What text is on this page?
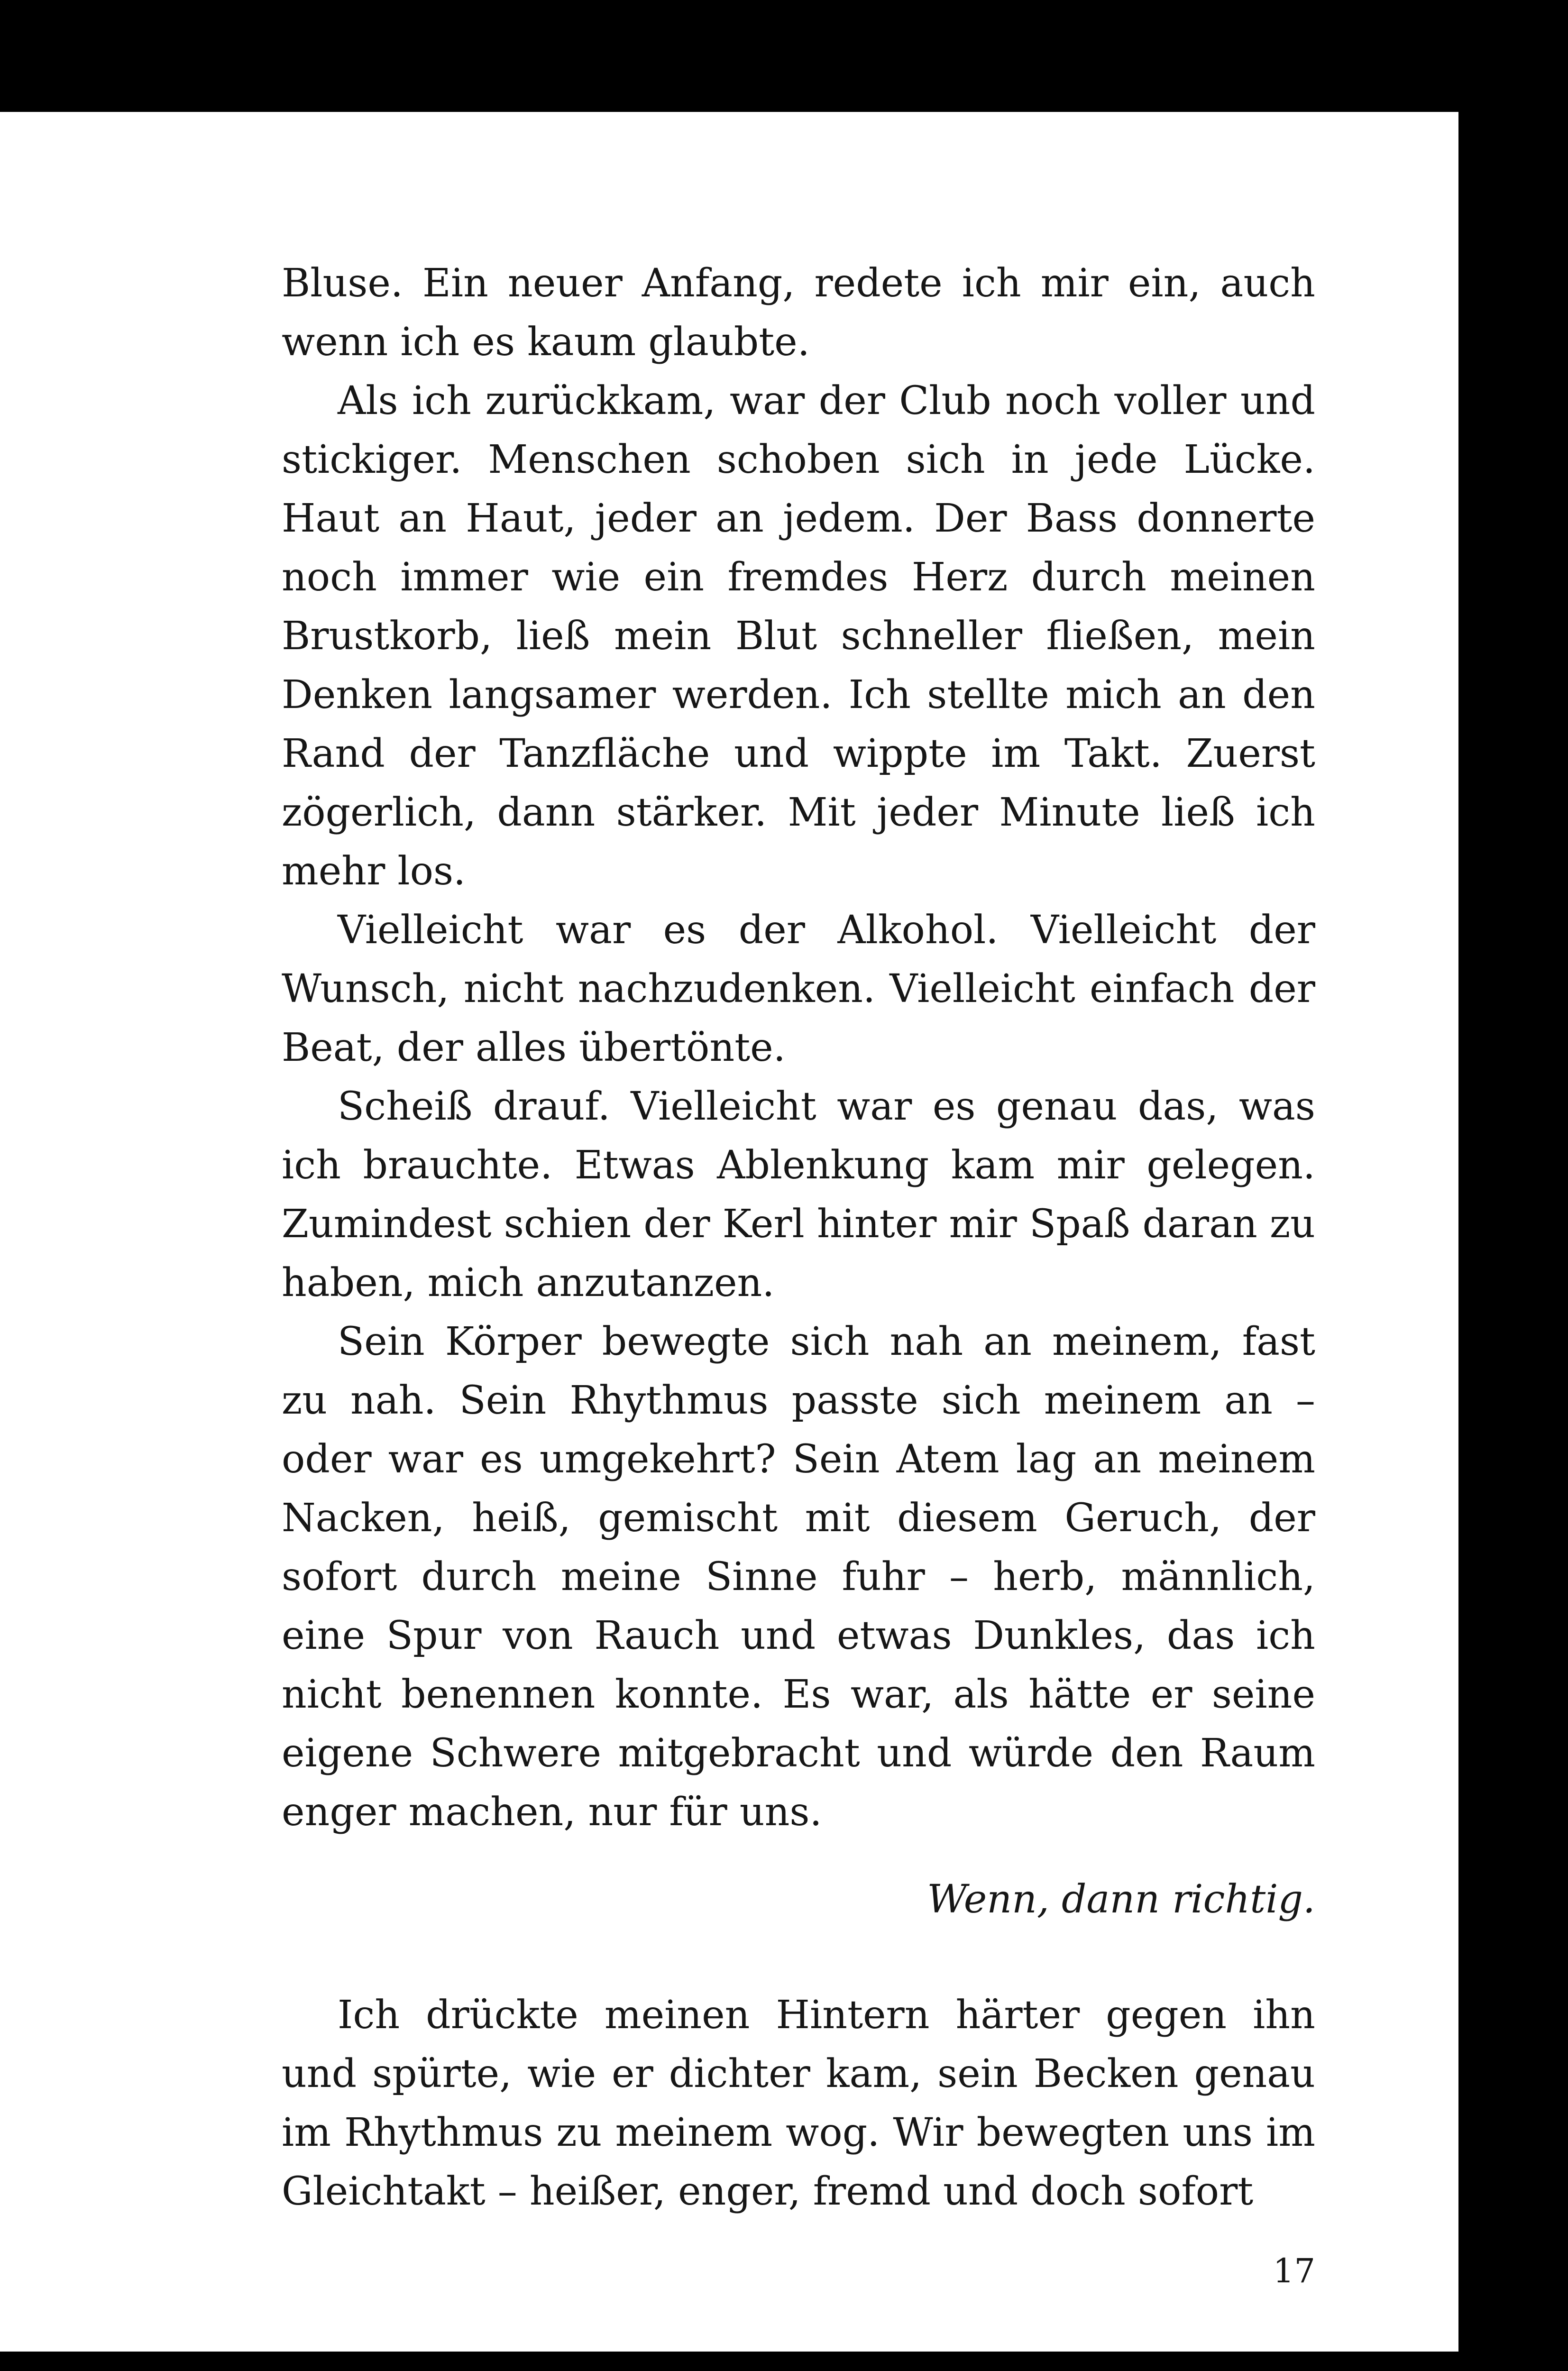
Bluse. Ein neuer Anfang, redete ich mir ein, auch wenn ich es kaum glaubte.

Als ich zurückkam, war der Club noch voller und stickiger. Menschen schoben sich in jede Lücke. Haut an Haut, jeder an jedem. Der Bass donnerte noch immer wie ein fremdes Herz durch meinen Brustkorb, ließ mein Blut schneller fließen, mein Denken langsamer werden. Ich stellte mich an den Rand der Tanzfläche und wippte im Takt. Zuerst zögerlich, dann stärker. Mit jeder Minute ließ ich mehr los.

Vielleicht war es der Alkohol. Vielleicht der Wunsch, nicht nachzudenken. Vielleicht einfach der Beat, der alles übertönte.

Scheiß drauf. Vielleicht war es genau das, was ich brauchte. Etwas Ablenkung kam mir gelegen. Zumindest schien der Kerl hinter mir Spaß daran zu haben, mich anzutanzen.

Sein Körper bewegte sich nah an meinem, fast zu nah. Sein Rhythmus passte sich meinem an – oder war es umgekehrt? Sein Atem lag an meinem Nacken, heiß, gemischt mit diesem Geruch, der sofort durch meine Sinne fuhr – herb, männlich, eine Spur von Rauch und etwas Dunkles, das ich nicht benennen konnte. Es war, als hätte er seine eigene Schwere mitgebracht und würde den Raum enger machen, nur für uns.

Wenn, dann richtig.

Ich drückte meinen Hintern härter gegen ihn und spürte, wie er dichter kam, sein Becken genau im Rhythmus zu meinem wog. Wir bewegten uns im Gleichtakt – heißer, enger, fremd und doch sofort

17
